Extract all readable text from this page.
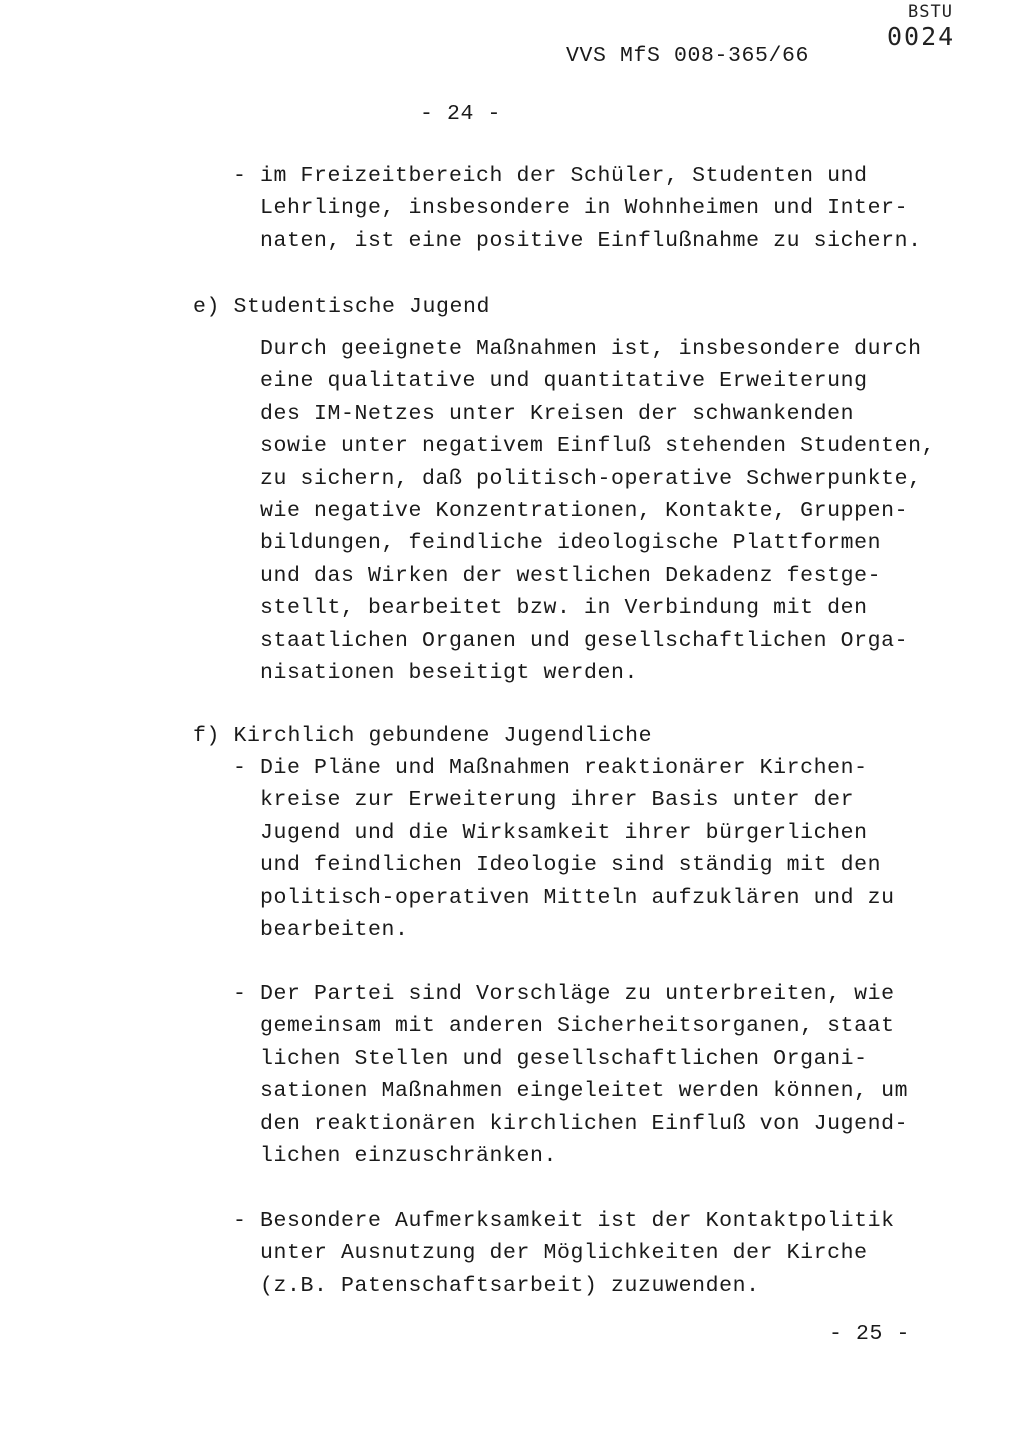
BSTU
0024
VVS MfS 008-365/66
- 24 -
- im Freizeitbereich der Schüler, Studenten und
Lehrlinge, insbesondere in Wohnheimen und Inter-
naten, ist eine positive Einflußnahme zu sichern.
e) Studentische Jugend
Durch geeignete Maßnahmen ist, insbesondere durch
eine qualitative und quantitative Erweiterung
des IM-Netzes unter Kreisen der schwankenden
sowie unter negativem Einfluß stehenden Studenten,
zu sichern, daß politisch-operative Schwerpunkte,
wie negative Konzentrationen, Kontakte, Gruppen-
bildungen, feindliche ideologische Plattformen
und das Wirken der westlichen Dekadenz festge-
stellt, bearbeitet bzw. in Verbindung mit den
staatlichen Organen und gesellschaftlichen Orga-
nisationen beseitigt werden.
f) Kirchlich gebundene Jugendliche
- Die Pläne und Maßnahmen reaktionärer Kirchen-
kreise zur Erweiterung ihrer Basis unter der
Jugend und die Wirksamkeit ihrer bürgerlichen
und feindlichen Ideologie sind ständig mit den
politisch-operativen Mitteln aufzuklären und zu
bearbeiten.
- Der Partei sind Vorschläge zu unterbreiten, wie
gemeinsam mit anderen Sicherheitsorganen, staat
lichen Stellen und gesellschaftlichen Organi-
sationen Maßnahmen eingeleitet werden können, um
den reaktionären kirchlichen Einfluß von Jugend-
lichen einzuschränken.
- Besondere Aufmerksamkeit ist der Kontaktpolitik
unter Ausnutzung der Möglichkeiten der Kirche
(z.B. Patenschaftsarbeit) zuzuwenden.
- 25 -
